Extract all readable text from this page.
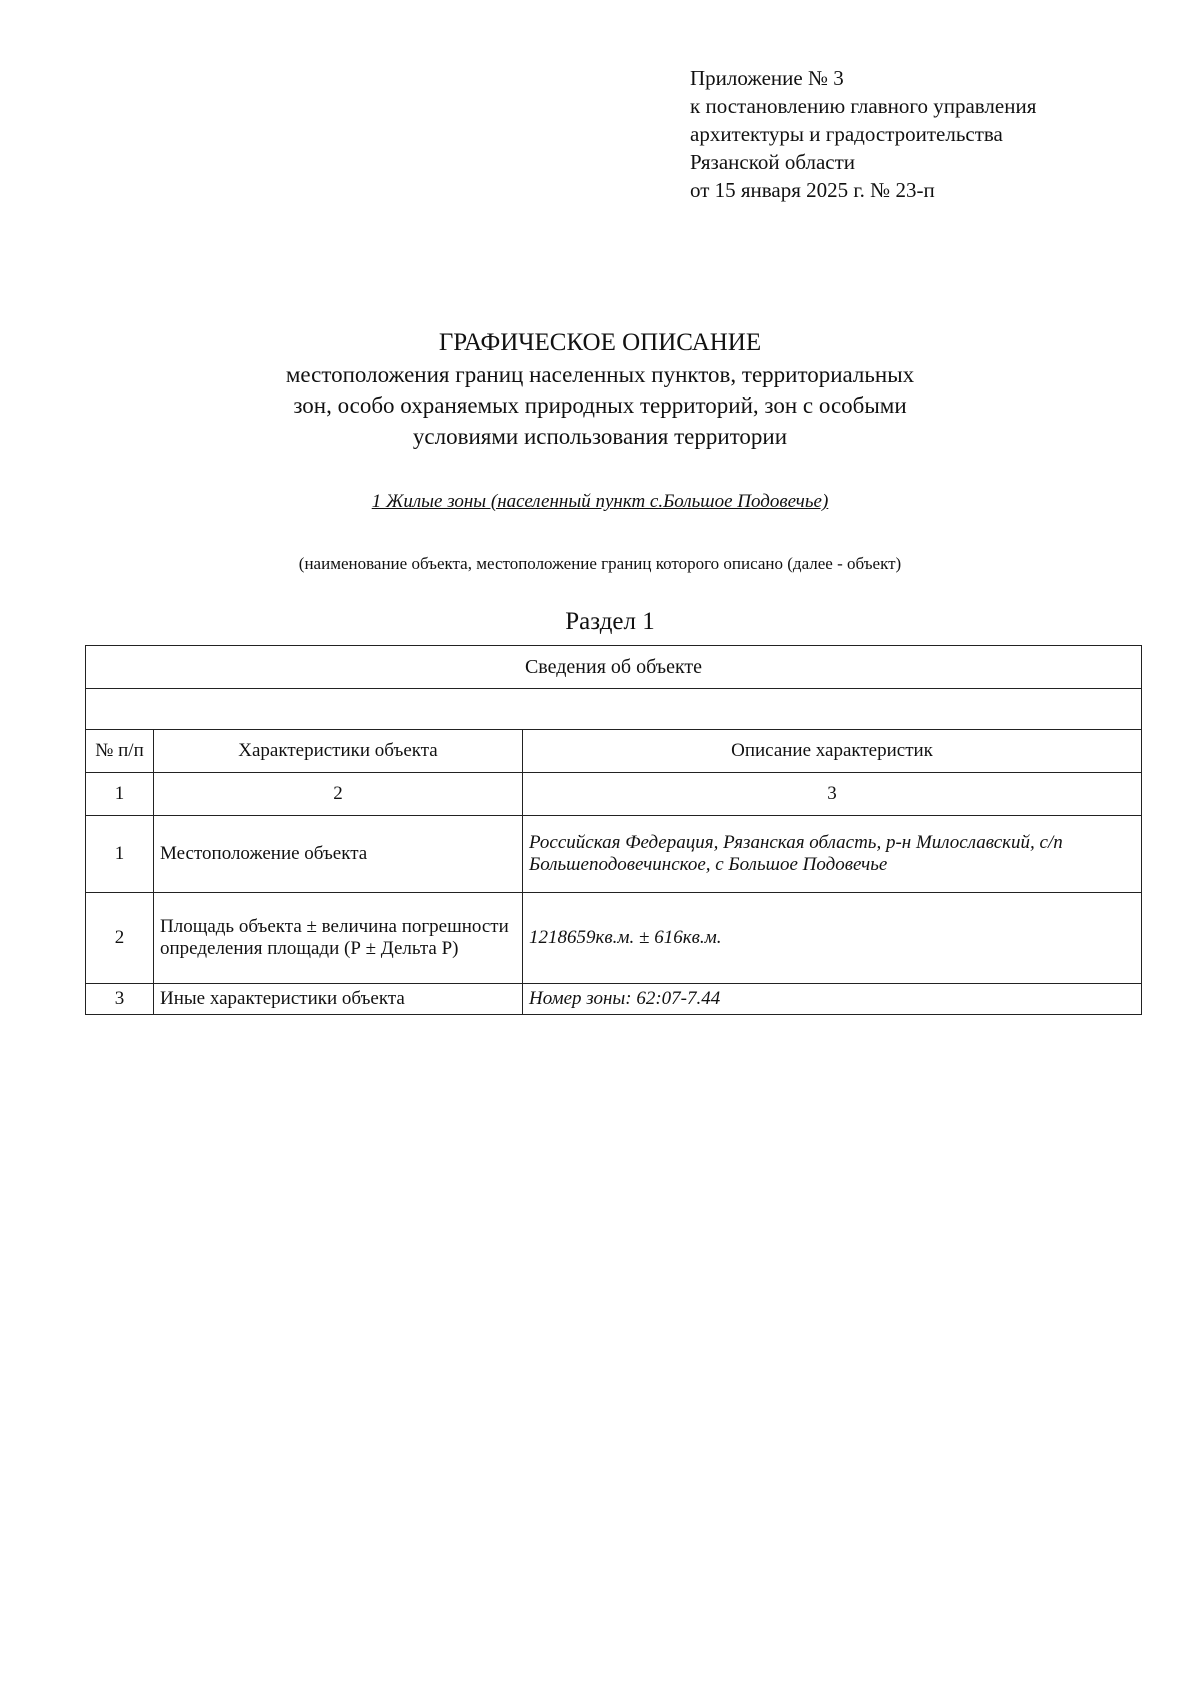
Приложение № 3
к постановлению главного управления
архитектуры и градостроительства
Рязанской области
от 15 января 2025 г. № 23-п
ГРАФИЧЕСКОЕ ОПИСАНИЕ
местоположения границ населенных пунктов, территориальных
зон, особо охраняемых природных территорий, зон с особыми
условиями использования территории
1 Жилые зоны (населенный пункт с.Большое Подовечье)
(наименование объекта, местоположение границ которого описано (далее - объект)
Раздел 1
Сведения об объекте		

№ п/п	Характеристики объекта	Описание характеристик
1	2	3
1	Местоположение объекта	Российская Федерация, Рязанская область, р-н Милославский, с/п Большеподовечинское, с Большое Подовечье
2	Площадь объекта ± величина погрешности определения площади (Р ± Дельта Р)	1218659кв.м. ± 616кв.м.
3	Иные характеристики объекта	Номер зоны: 62:07-7.44
